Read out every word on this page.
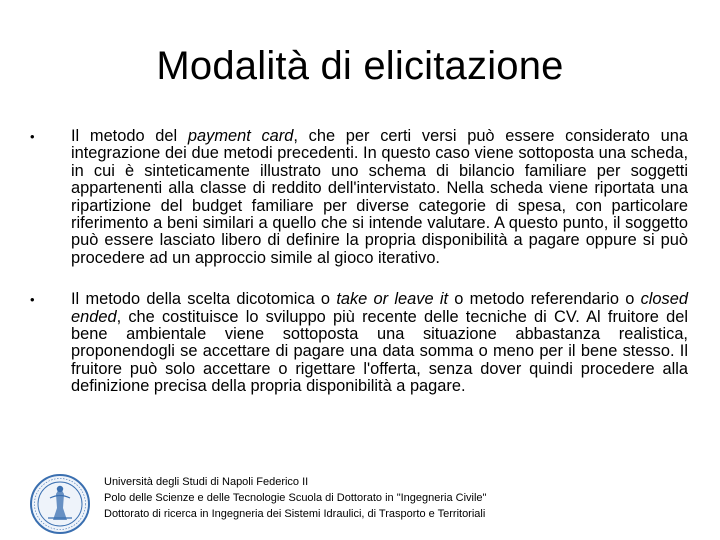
Modalità di elicitazione
• Il metodo del payment card, che per certi versi può essere considerato una integrazione dei due metodi precedenti. In questo caso viene sottoposta una scheda, in cui è sinteticamente illustrato uno schema di bilancio familiare per soggetti appartenenti alla classe di reddito dell'intervistato. Nella scheda viene riportata una ripartizione del budget familiare per diverse categorie di spesa, con particolare riferimento a beni similari a quello che si intende valutare. A questo punto, il soggetto può essere lasciato libero di definire la propria disponibilità a pagare oppure si può procedere ad un approccio simile al gioco iterativo.
• Il metodo della scelta dicotomica o take or leave it o metodo referendario o closed ended, che costituisce lo sviluppo più recente delle tecniche di CV. Al fruitore del bene ambientale viene sottoposta una situazione abbastanza realistica, proponendogli se accettare di pagare una data somma o meno per il bene stesso. Il fruitore può solo accettare o rigettare l'offerta, senza dover quindi procedere alla definizione precisa della propria disponibilità a pagare.
Università degli Studi di Napoli Federico II
Polo delle Scienze e delle Tecnologie Scuola di Dottorato in "Ingegneria Civile"
Dottorato di ricerca in Ingegneria dei Sistemi Idraulici, di Trasporto e Territoriali
